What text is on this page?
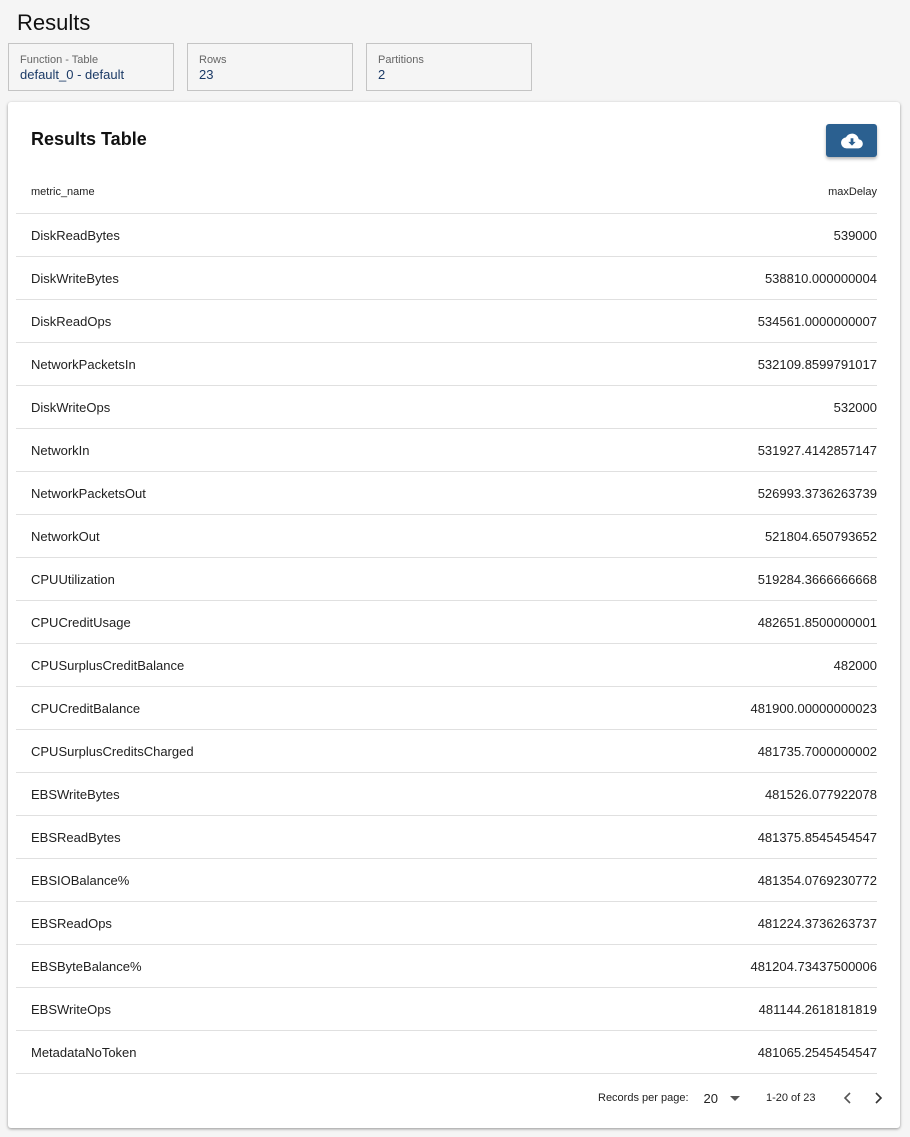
Results
Function - Table
default_0 - default
Rows
23
Partitions
2
Results Table
metric_name	maxDelay
DiskReadBytes	539000
DiskWriteBytes	538810.000000004
DiskReadOps	534561.0000000007
NetworkPacketsIn	532109.8599791017
DiskWriteOps	532000
NetworkIn	531927.4142857147
NetworkPacketsOut	526993.3736263739
NetworkOut	521804.650793652
CPUUtilization	519284.3666666668
CPUCreditUsage	482651.8500000001
CPUSurplusCreditBalance	482000
CPUCreditBalance	481900.00000000023
CPUSurplusCreditsCharged	481735.7000000002
EBSWriteBytes	481526.077922078
EBSReadBytes	481375.8545454547
EBSIOBalance%	481354.0769230772
EBSReadOps	481224.3736263737
EBSByteBalance%	481204.73437500006
EBSWriteOps	481144.2618181819
MetadataNoToken	481065.2545454547
Records per page: 20	1-20 of 23
